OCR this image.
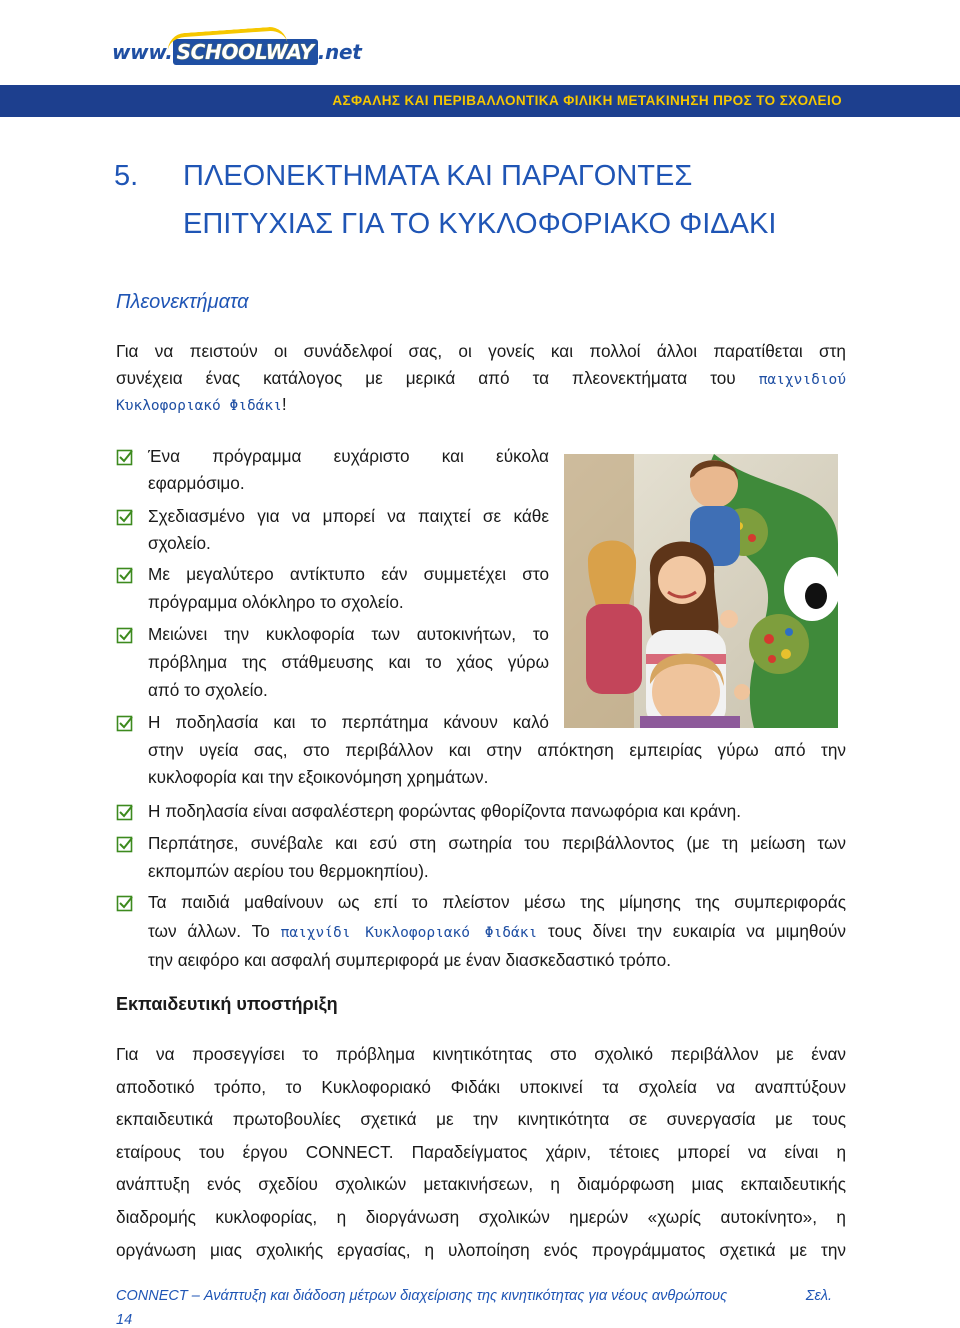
www. SCHOOLWAY .net
ΑΣΦΑΛΗΣ ΚΑΙ ΠΕΡΙΒΑΛΛΟΝΤΙΚΑ ΦΙΛΙΚΗ ΜΕΤΑΚΙΝΗΣΗ ΠΡΟΣ ΤΟ ΣΧΟΛΕΙΟ
5. ΠΛΕΟΝΕΚΤΗΜΑΤΑ ΚΑΙ ΠΑΡΑΓΟΝΤΕΣ
ΕΠΙΤΥΧΙΑΣ ΓΙΑ ΤΟ ΚΥΚΛΟΦΟΡΙΑΚΟ ΦΙΔΑΚΙ
Πλεονεκτήματα
Για να πειστούν οι συνάδελφοί σας, οι γονείς και πολλοί άλλοι παρατίθεται στη
συνέχεια ένας κατάλογος με μερικά από τα πλεονεκτήματα του παιχνιδιού
Κυκλοφοριακό Φιδάκι!
Ένα πρόγραμμα ευχάριστο και εύκολα
εφαρμόσιμο.
Σχεδιασμένο για να μπορεί να παιχτεί σε κάθε
σχολείο.
Με μεγαλύτερο αντίκτυπο εάν συμμετέχει στο
πρόγραμμα ολόκληρο το σχολείο.
Μειώνει την κυκλοφορία των αυτοκινήτων, το
πρόβλημα της στάθμευσης και το χάος γύρω
από το σχολείο.
Η ποδηλασία και το περπάτημα κάνουν καλό
στην υγεία σας, στο περιβάλλον και στην απόκτηση εμπειρίας γύρω από την
κυκλοφορία και την εξοικονόμηση χρημάτων.
Η ποδηλασία είναι ασφαλέστερη φορώντας φθορίζοντα πανωφόρια και κράνη.
Περπάτησε, συνέβαλε και εσύ στη σωτηρία του περιβάλλοντος (με τη μείωση των
εκπομπών αερίου του θερμοκηπίου).
Τα παιδιά μαθαίνουν ως επί το πλείστον μέσω της μίμησης της συμπεριφοράς
των άλλων. Το παιχνίδι Κυκλοφοριακό Φιδάκι τους δίνει την ευκαιρία να μιμηθούν
την αειφόρο και ασφαλή συμπεριφορά με έναν διασκεδαστικό τρόπο.
Εκπαιδευτική υποστήριξη
Για να προσεγγίσει το πρόβλημα κινητικότητας στο σχολικό περιβάλλον με έναν
αποδοτικό τρόπο, το Κυκλοφοριακό Φιδάκι υποκινεί τα σχολεία να αναπτύξουν
εκπαιδευτικά πρωτοβουλίες σχετικά με την κινητικότητα σε συνεργασία με τους
εταίρους του έργου CONNECT. Παραδείγματος χάριν, τέτοιες μπορεί να είναι η
ανάπτυξη ενός σχεδίου σχολικών μετακινήσεων, η διαμόρφωση μιας εκπαιδευτικής
διαδρομής κυκλοφορίας, η διοργάνωση σχολικών ημερών «χωρίς αυτοκίνητο», η
οργάνωση μιας σχολικής εργασίας, η υλοποίηση ενός προγράμματος σχετικά με την
CONNECT – Ανάπτυξη και διάδοση μέτρων διαχείρισης της κινητικότητας για νέους ανθρώπους	Σελ.
14
